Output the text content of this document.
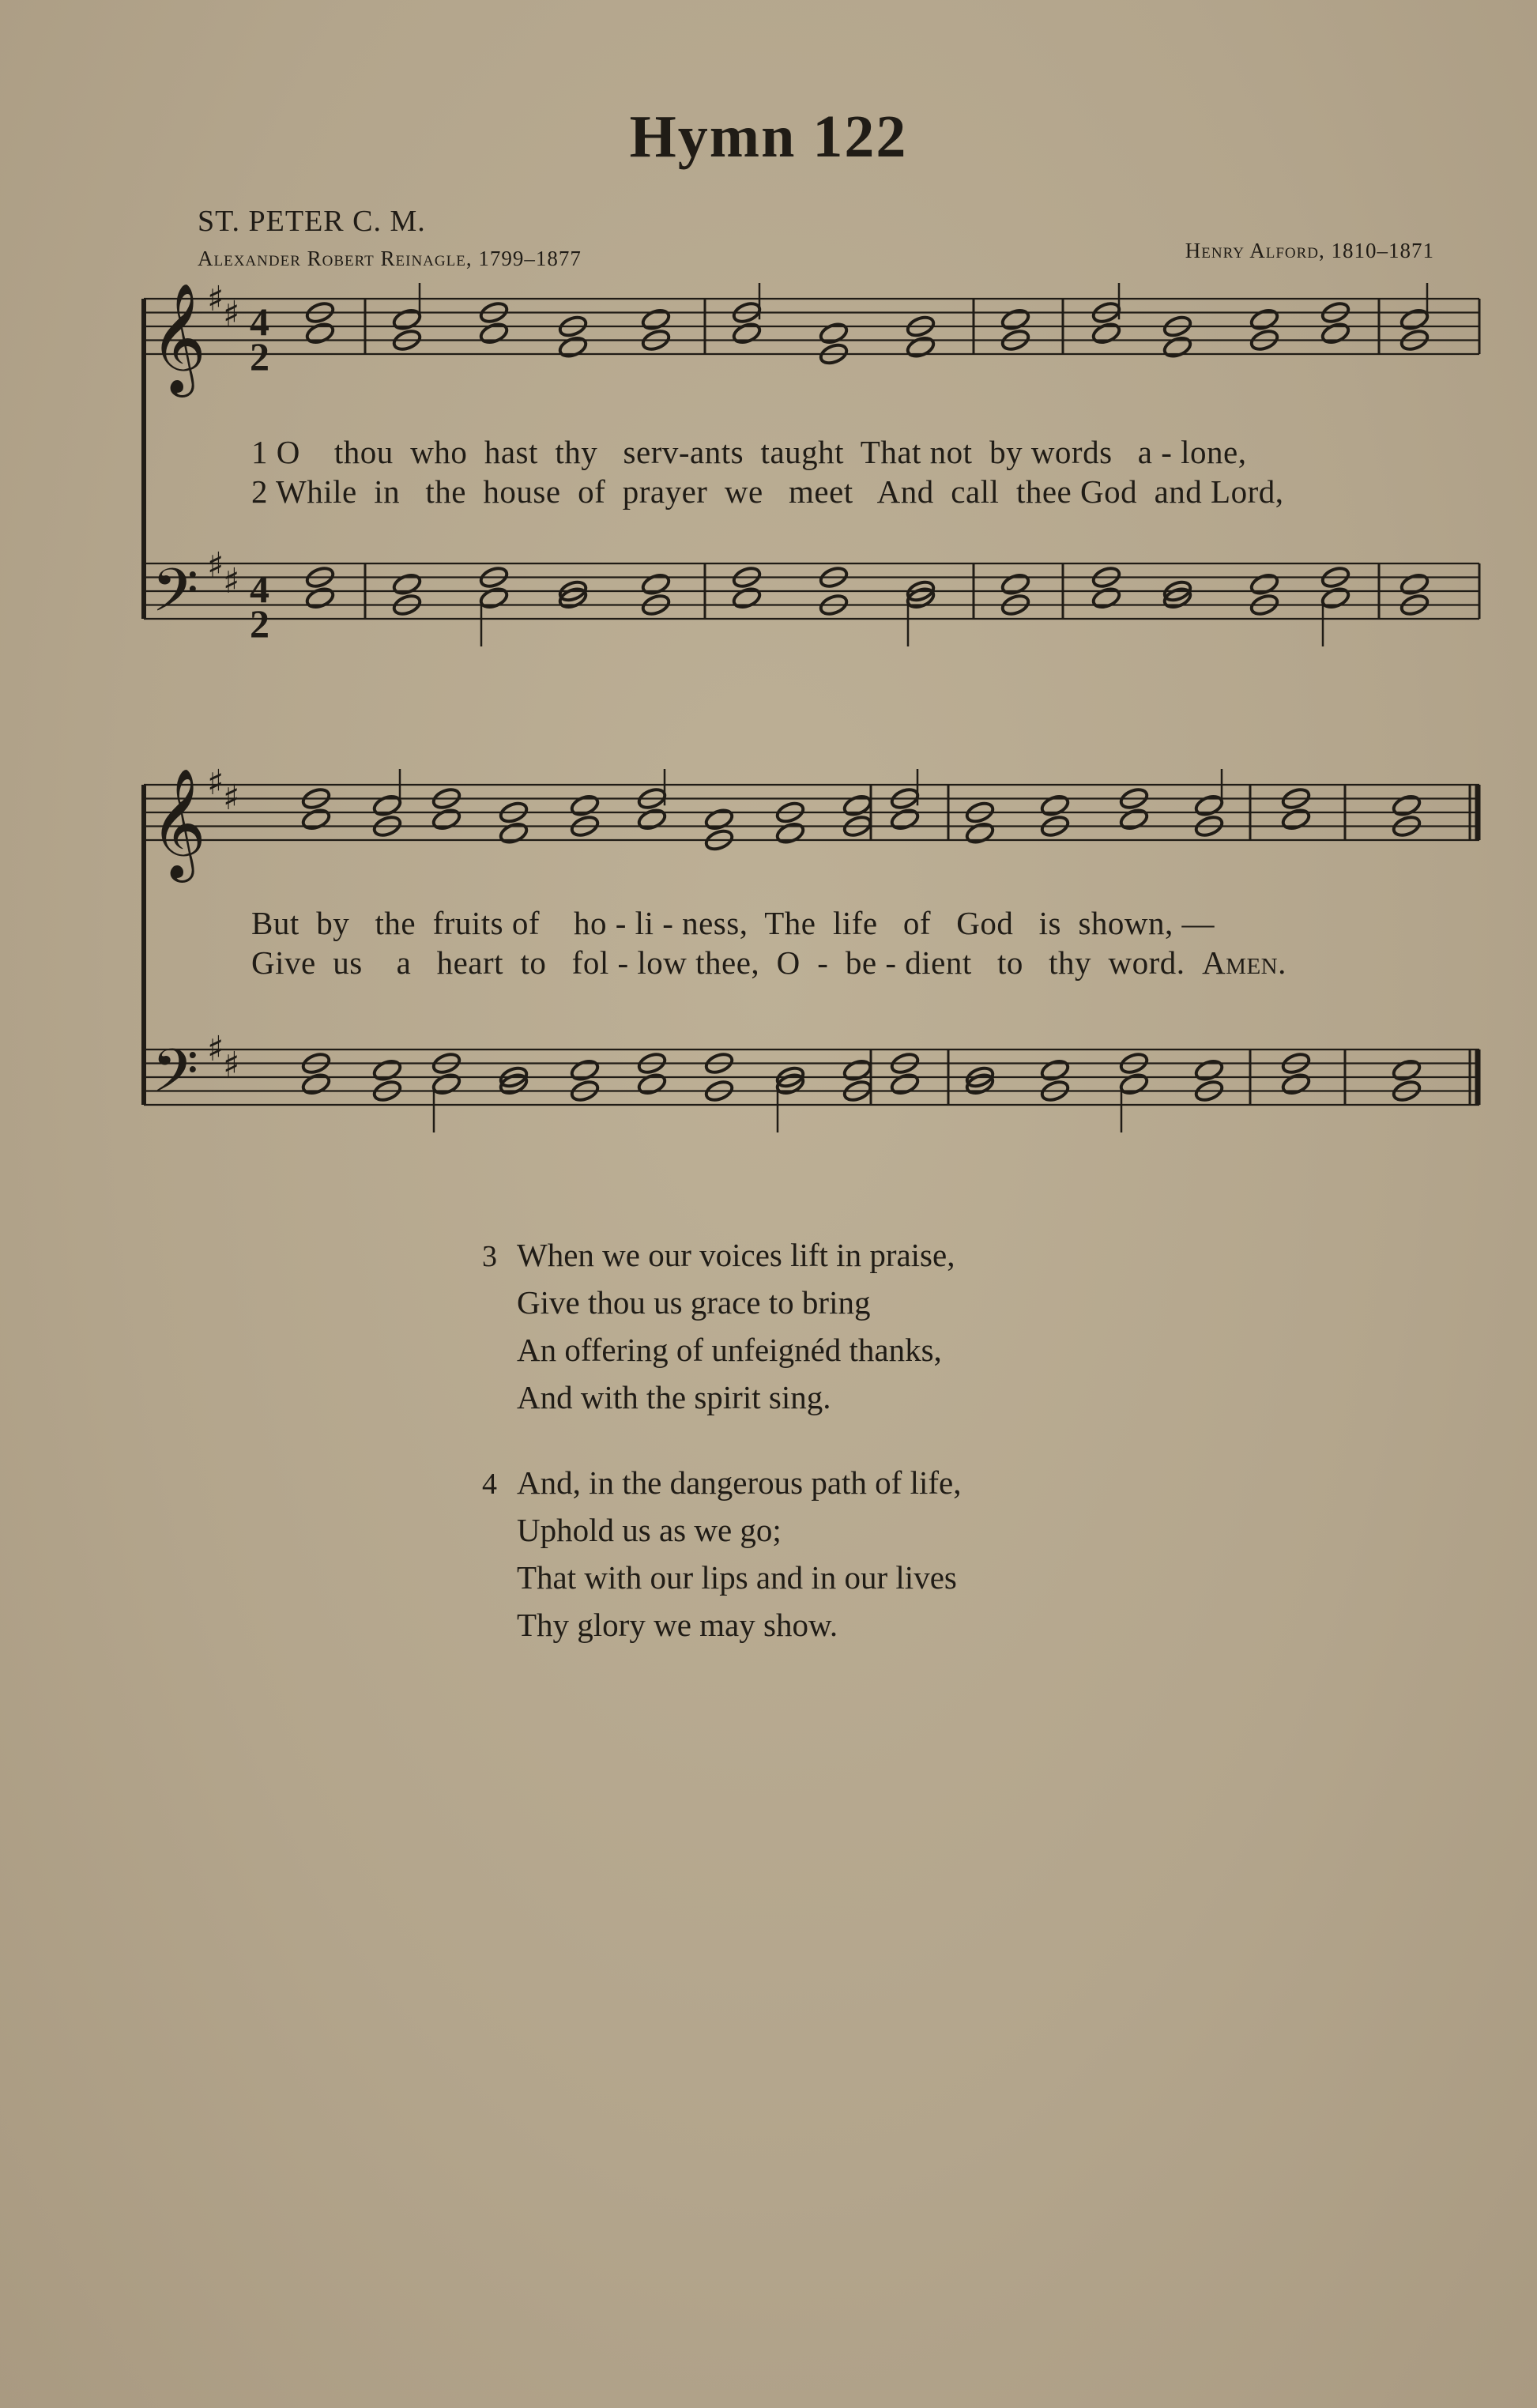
Hymn 122
ST. PETER C. M.
Alexander Robert Reinagle, 1799–1877	Henry Alford, 1810–1871
𝄞
𝄢
𝄞
𝄢
♯
♯
♯
♯
♯
♯
♯
♯
4
2
4
2
1 O    thou  who  hast  thy   serv-ants  taught  That not  by words   a - lone,
2 While  in   the  house  of  prayer  we   meet   And  call  thee God  and Lord,
But  by   the  fruits of    ho - li - ness,  The  life   of   God   is  shown, —
Give  us    a   heart  to   fol - low thee,  O  -  be - dient   to   thy  word. Amen.
3 When we our voices lift in praise,
Give thou us grace to bring
An offering of unfeignéd thanks,
And with the spirit sing.
4 And, in the dangerous path of life,
Uphold us as we go;
That with our lips and in our lives
Thy glory we may show.
